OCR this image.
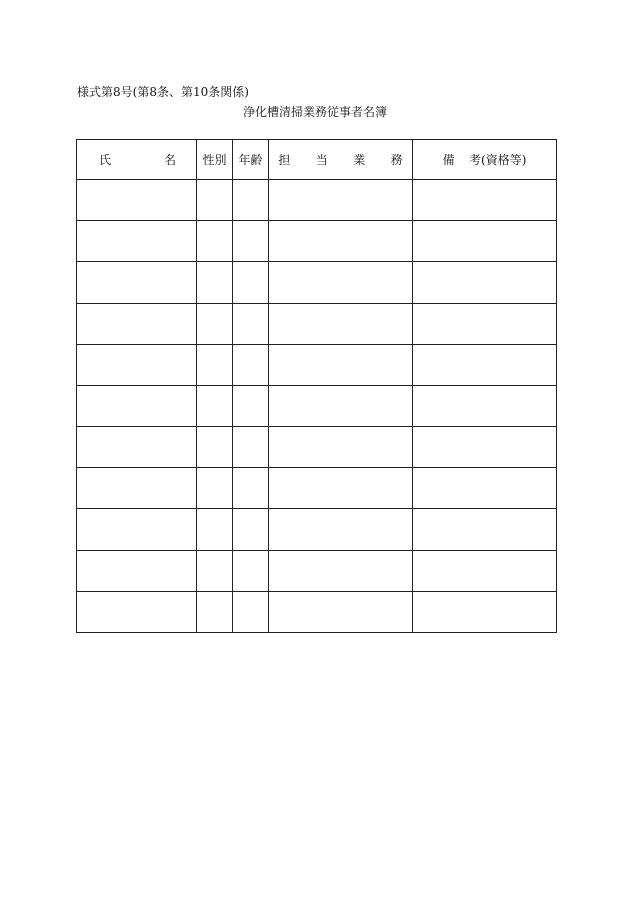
様式第8号(第8条、第10条関係)
浄化槽清掃業務従事者名簿
氏 名	性別	年齢	担 当 業 務	備 考(資格等)
